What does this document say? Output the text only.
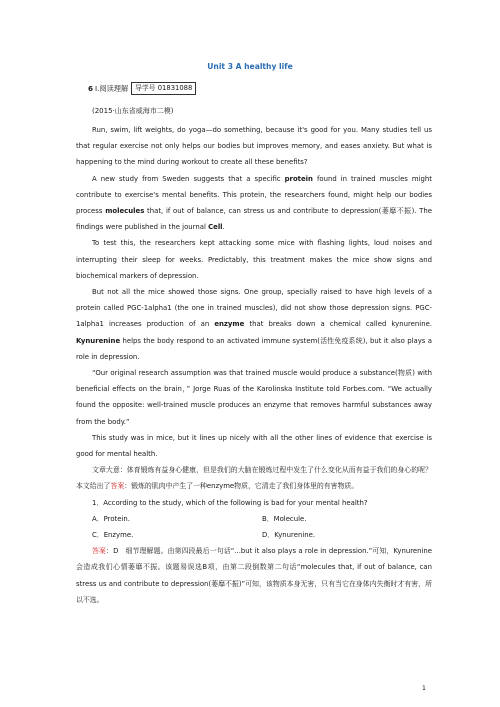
Unit 3 A healthy life
6 Ⅰ.阅读理解	导学号 01831088
(2015·山东省威海市二模)

Run, swim, lift weights, do yoga—do something, because it's good for you. Many studies tell us that regular exercise not only helps our bodies but improves memory, and eases anxiety. But what is happening to the mind during workout to create all these benefits?

A new study from Sweden suggests that a specific protein found in trained muscles might contribute to exercise's mental benefits. This protein, the researchers found, might help our bodies process molecules that, if out of balance, can stress us and contribute to depression(萎靡不振). The findings were published in the journal Cell.

To test this, the researchers kept attacking some mice with flashing lights, loud noises and interrupting their sleep for weeks. Predictably, this treatment makes the mice show signs and biochemical markers of depression.

But not all the mice showed those signs. One group, specially raised to have high levels of a protein called PGC-1alpha1 (the one in trained muscles), did not show those depression signs. PGC-1alpha1 increases production of an enzyme that breaks down a chemical called kynurenine. Kynurenine helps the body respond to an activated immune system(活性免疫系统), but it also plays a role in depression.

“Our original research assumption was that trained muscle would produce a substance(物质) with beneficial effects on the brain，” Jorge Ruas of the Karolinska Institute told Forbes.com. “We actually found the opposite: well-trained muscle produces an enzyme that removes harmful substances away from the body.”

This study was in mice, but it lines up nicely with all the other lines of evidence that exercise is good for mental health.

文章大意：体育锻炼有益身心健康，但是我们的大脑在锻炼过程中发生了什么变化从而有益于我们的身心的呢？本文给出了答案：锻炼的肌肉中产生了一种enzyme物质，它清走了我们身体里的有害物质。

1．According to the study, which of the following is bad for your mental health?

A．Protein.	B．Molecule.
C．Enzyme.	D．Kynurenine.

答案：D　细节理解题。由第四段最后一句话“...but it also plays a role in depression.”可知，Kynurenine会造成我们心情萎靡不振。该题易误选B项，由第二段倒数第二句话“molecules that, if out of balance, can stress us and contribute to depression(萎靡不振)”可知，该物质本身无害，只有当它在身体内失衡时才有害，所以不选。

1
